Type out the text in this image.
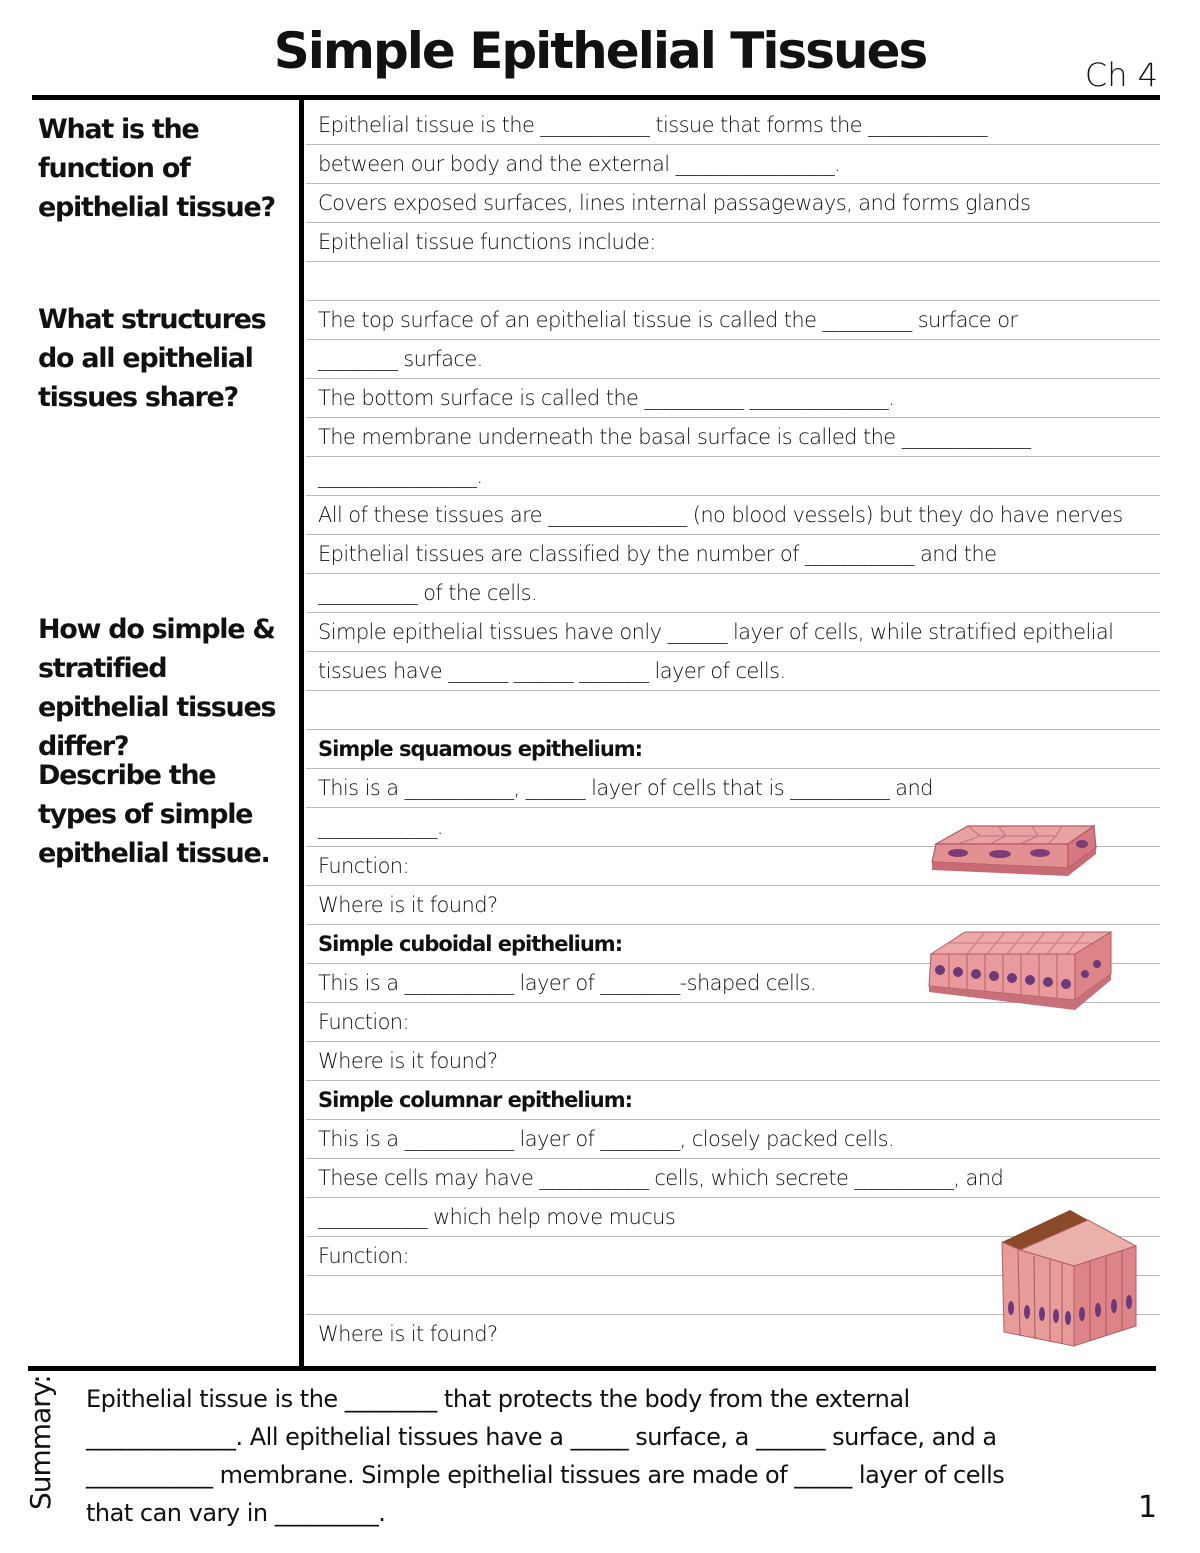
Simple Epithelial Tissues	Ch 4
What is the function of epithelial tissue?
What structures do all epithelial tissues share?
How do simple & stratified epithelial tissues differ?
Describe the types of simple epithelial tissue.
Epithelial tissue is the ___________ tissue that forms the ____________
between our body and the external ________________.
Covers exposed surfaces, lines internal passageways, and forms glands
Epithelial tissue functions include:
The top surface of an epithelial tissue is called the _________ surface or
________ surface.
The bottom surface is called the __________ ______________.
The membrane underneath the basal surface is called the _____________
________________.
All of these tissues are ______________ (no blood vessels) but they do have nerves
Epithelial tissues are classified by the number of ___________ and the
__________ of the cells.
Simple epithelial tissues have only ______ layer of cells, while stratified epithelial
tissues have ______ ______ _______ layer of cells.
Simple squamous epithelium:
This is a ___________, ______ layer of cells that is __________ and
____________.
Function:
Where is it found?
Simple cuboidal epithelium:
This is a ___________ layer of ________-shaped cells.
Function:
Where is it found?
Simple columnar epithelium:
This is a ___________ layer of ________, closely packed cells.
These cells may have ___________ cells, which secrete __________, and
___________ which help move mucus
Function:
Where is it found?
Summary: Epithelial tissue is the ________ that protects the body from the external
_____________. All epithelial tissues have a _____ surface, a ______ surface, and a
___________ membrane. Simple epithelial tissues are made of _____ layer of cells
that can vary in _________.	1
